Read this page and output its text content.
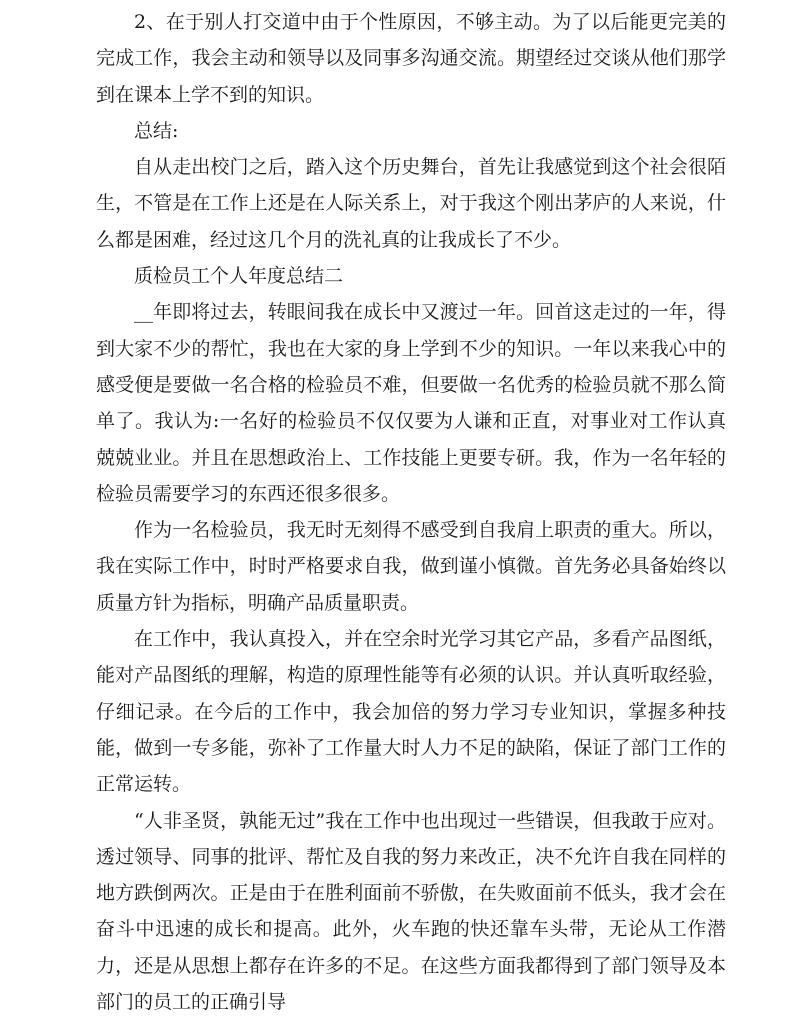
2、在于别人打交道中由于个性原因，不够主动。为了以后能更完美的完成工作，我会主动和领导以及同事多沟通交流。期望经过交谈从他们那学到在课本上学不到的知识。

总结:

自从走出校门之后，踏入这个历史舞台，首先让我感觉到这个社会很陌生，不管是在工作上还是在人际关系上，对于我这个刚出茅庐的人来说，什么都是困难，经过这几个月的洗礼真的让我成长了不少。

质检员工个人年度总结二

__年即将过去，转眼间我在成长中又渡过一年。回首这走过的一年，得到大家不少的帮忙，我也在大家的身上学到不少的知识。一年以来我心中的感受便是要做一名合格的检验员不难，但要做一名优秀的检验员就不那么简单了。我认为:一名好的检验员不仅仅要为人谦和正直，对事业对工作认真兢兢业业。并且在思想政治上、工作技能上更要专研。我，作为一名年轻的检验员需要学习的东西还很多很多。

作为一名检验员，我无时无刻得不感受到自我肩上职责的重大。所以，我在实际工作中，时时严格要求自我，做到谨小慎微。首先务必具备始终以质量方针为指标，明确产品质量职责。

在工作中，我认真投入，并在空余时光学习其它产品，多看产品图纸，能对产品图纸的理解，构造的原理性能等有必须的认识。并认真听取经验，仔细记录。在今后的工作中，我会加倍的努力学习专业知识，掌握多种技能，做到一专多能，弥补了工作量大时人力不足的缺陷，保证了部门工作的正常运转。

“人非圣贤，孰能无过”我在工作中也出现过一些错误，但我敢于应对。透过领导、同事的批评、帮忙及自我的努力来改正，决不允许自我在同样的地方跌倒两次。正是由于在胜利面前不骄傲，在失败面前不低头，我才会在奋斗中迅速的成长和提高。此外，火车跑的快还靠车头带，无论从工作潜力，还是从思想上都存在许多的不足。在这些方面我都得到了部门领导及本部门的员工的正确引导
